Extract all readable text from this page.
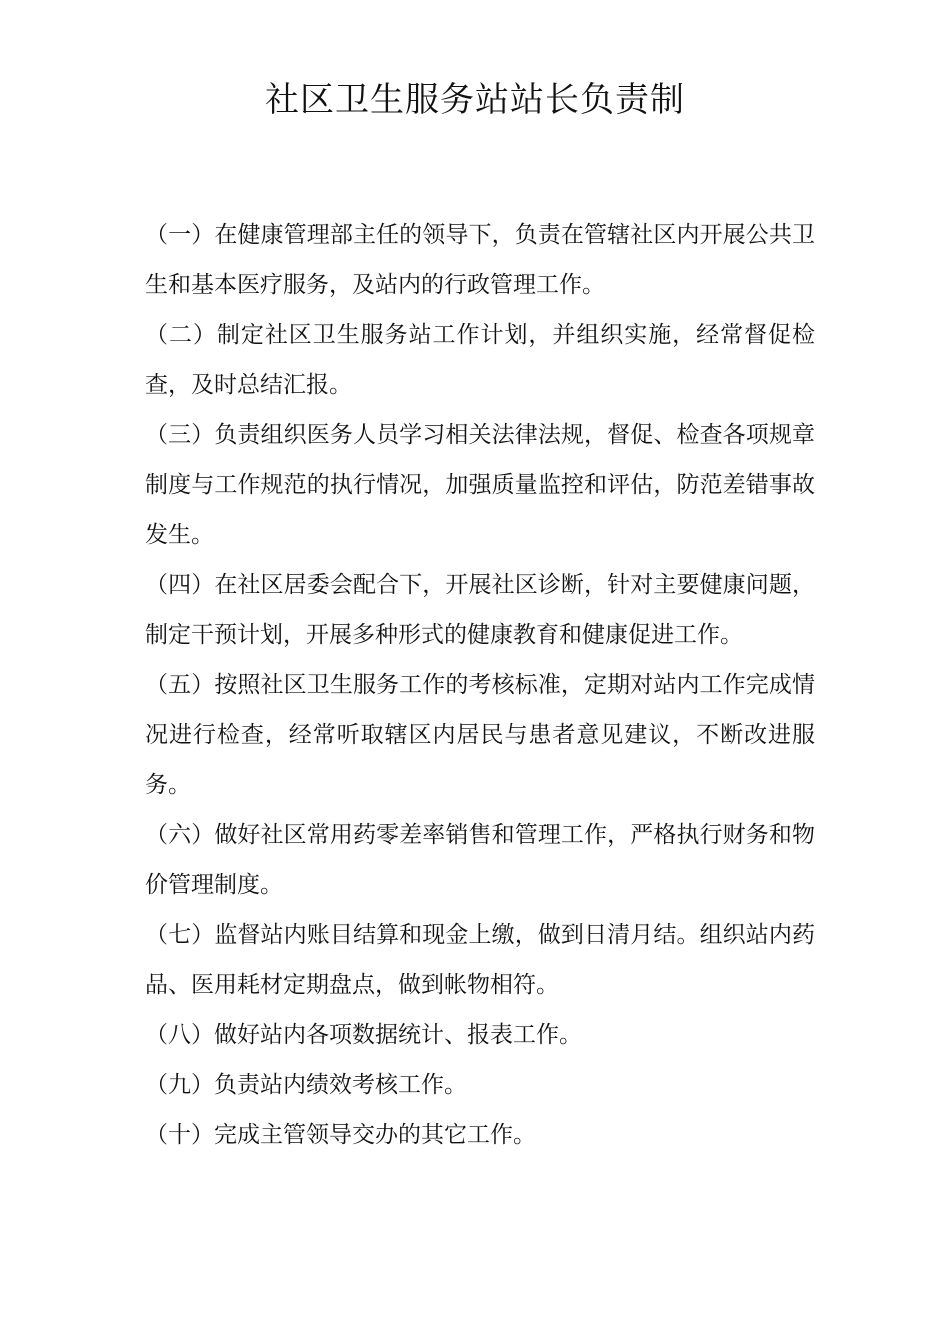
社区卫生服务站站长负责制

（一）在健康管理部主任的领导下，负责在管辖社区内开展公共卫生和基本医疗服务，及站内的行政管理工作。

（二）制定社区卫生服务站工作计划，并组织实施，经常督促检查，及时总结汇报。

（三）负责组织医务人员学习相关法律法规，督促、检查各项规章制度与工作规范的执行情况，加强质量监控和评估，防范差错事故发生。

（四）在社区居委会配合下，开展社区诊断，针对主要健康问题，制定干预计划，开展多种形式的健康教育和健康促进工作。

（五）按照社区卫生服务工作的考核标准，定期对站内工作完成情况进行检查，经常听取辖区内居民与患者意见建议，不断改进服务。

（六）做好社区常用药零差率销售和管理工作，严格执行财务和物价管理制度。

（七）监督站内账目结算和现金上缴，做到日清月结。组织站内药品、医用耗材定期盘点，做到帐物相符。

（八）做好站内各项数据统计、报表工作。

（九）负责站内绩效考核工作。

（十）完成主管领导交办的其它工作。
